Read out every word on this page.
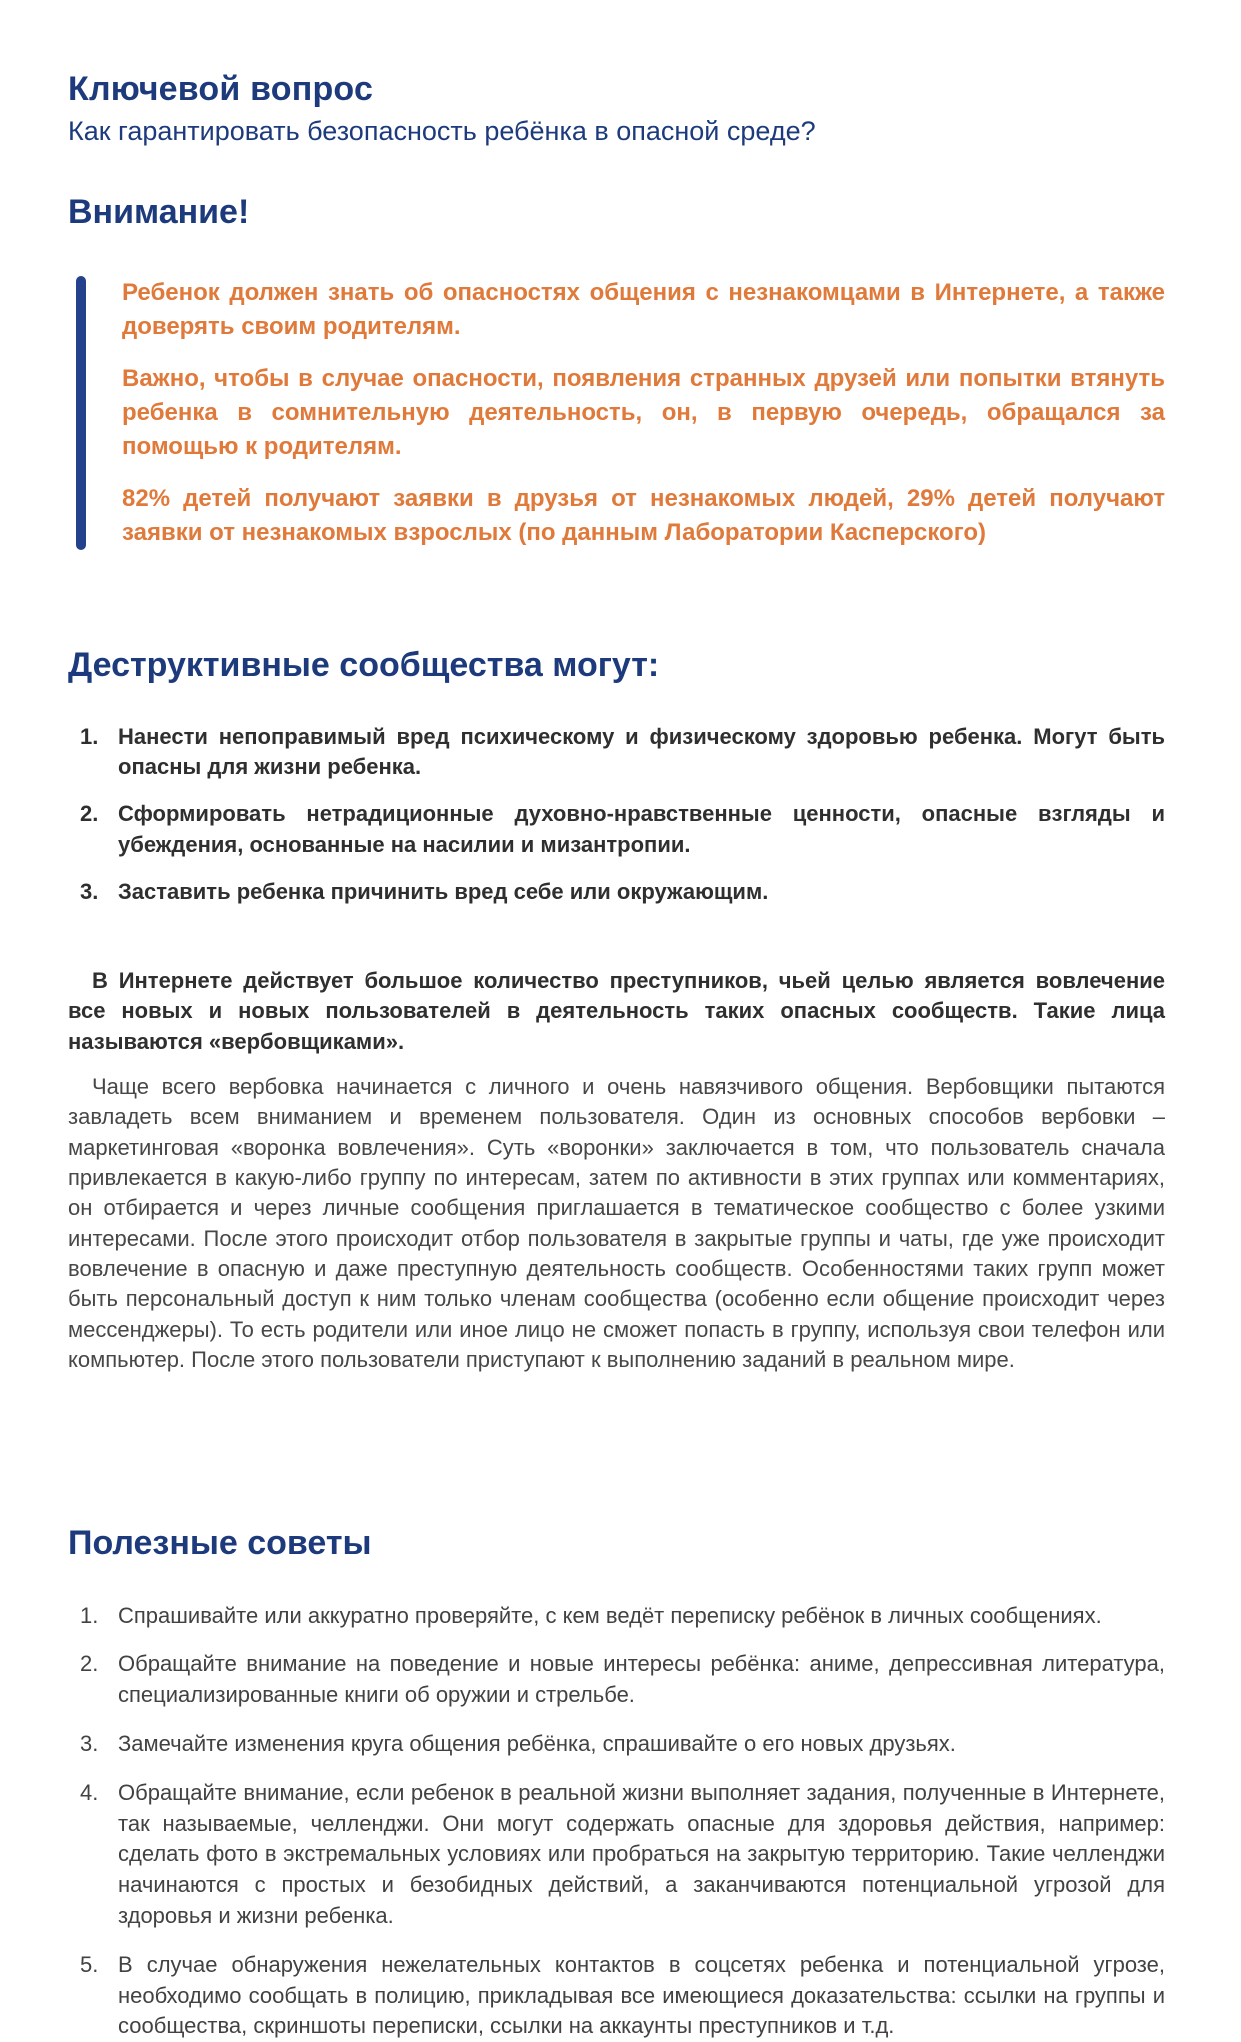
Ключевой вопрос

Как гарантировать безопасность ребёнка в опасной среде?

Внимание!

Ребенок должен знать об опасностях общения с незнакомцами в Интернете, а также доверять своим родителям.

Важно, чтобы в случае опасности, появления странных друзей или попытки втянуть ребенка в сомнительную деятельность, он, в первую очередь, обращался за помощью к родителям.

82% детей получают заявки в друзья от незнакомых людей, 29% детей получают заявки от незнакомых взрослых (по данным Лаборатории Касперского)

Деструктивные сообщества могут:
Нанести непоправимый вред психическому и физическому здоровью ребенка. Могут быть опасны для жизни ребенка.
Сформировать нетрадиционные духовно-нравственные ценности, опасные взгляды и убеждения, основанные на насилии и мизантропии.
Заставить ребенка причинить вред себе или окружающим.

В Интернете действует большое количество преступников, чьей целью является вовлечение все новых и новых пользователей в деятельность таких опасных сообществ. Такие лица называются «вербовщиками».

Чаще всего вербовка начинается с личного и очень навязчивого общения. Вербовщики пытаются завладеть всем вниманием и временем пользователя. Один из основных способов вербовки – маркетинговая «воронка вовлечения». Суть «воронки» заключается в том, что пользователь сначала привлекается в какую-либо группу по интересам, затем по активности в этих группах или комментариях, он отбирается и через личные сообщения приглашается в тематическое сообщество с более узкими интересами. После этого происходит отбор пользователя в закрытые группы и чаты, где уже происходит вовлечение в опасную и даже преступную деятельность сообществ. Особенностями таких групп может быть персональный доступ к ним только членам сообщества (особенно если общение происходит через мессенджеры). То есть родители или иное лицо не сможет попасть в группу, используя свои телефон или компьютер. После этого пользователи приступают к выполнению заданий в реальном мире.

Полезные советы
Спрашивайте или аккуратно проверяйте, с кем ведёт переписку ребёнок в личных сообщениях.
Обращайте внимание на поведение и новые интересы ребёнка: аниме, депрессивная литература, специализированные книги об оружии и стрельбе.
Замечайте изменения круга общения ребёнка, спрашивайте о его новых друзьях.
Обращайте внимание, если ребенок в реальной жизни выполняет задания, полученные в Интернете, так называемые, челленджи. Они могут содержать опасные для здоровья действия, например: сделать фото в экстремальных условиях или пробраться на закрытую территорию. Такие челленджи начинаются с простых и безобидных действий, а заканчиваются потенциальной угрозой для здоровья и жизни ребенка.
В случае обнаружения нежелательных контактов в соцсетях ребенка и потенциальной угрозе, необходимо сообщать в полицию, прикладывая все имеющиеся доказательства: ссылки на группы и сообщества, скриншоты переписки, ссылки на аккаунты преступников и т.д.
